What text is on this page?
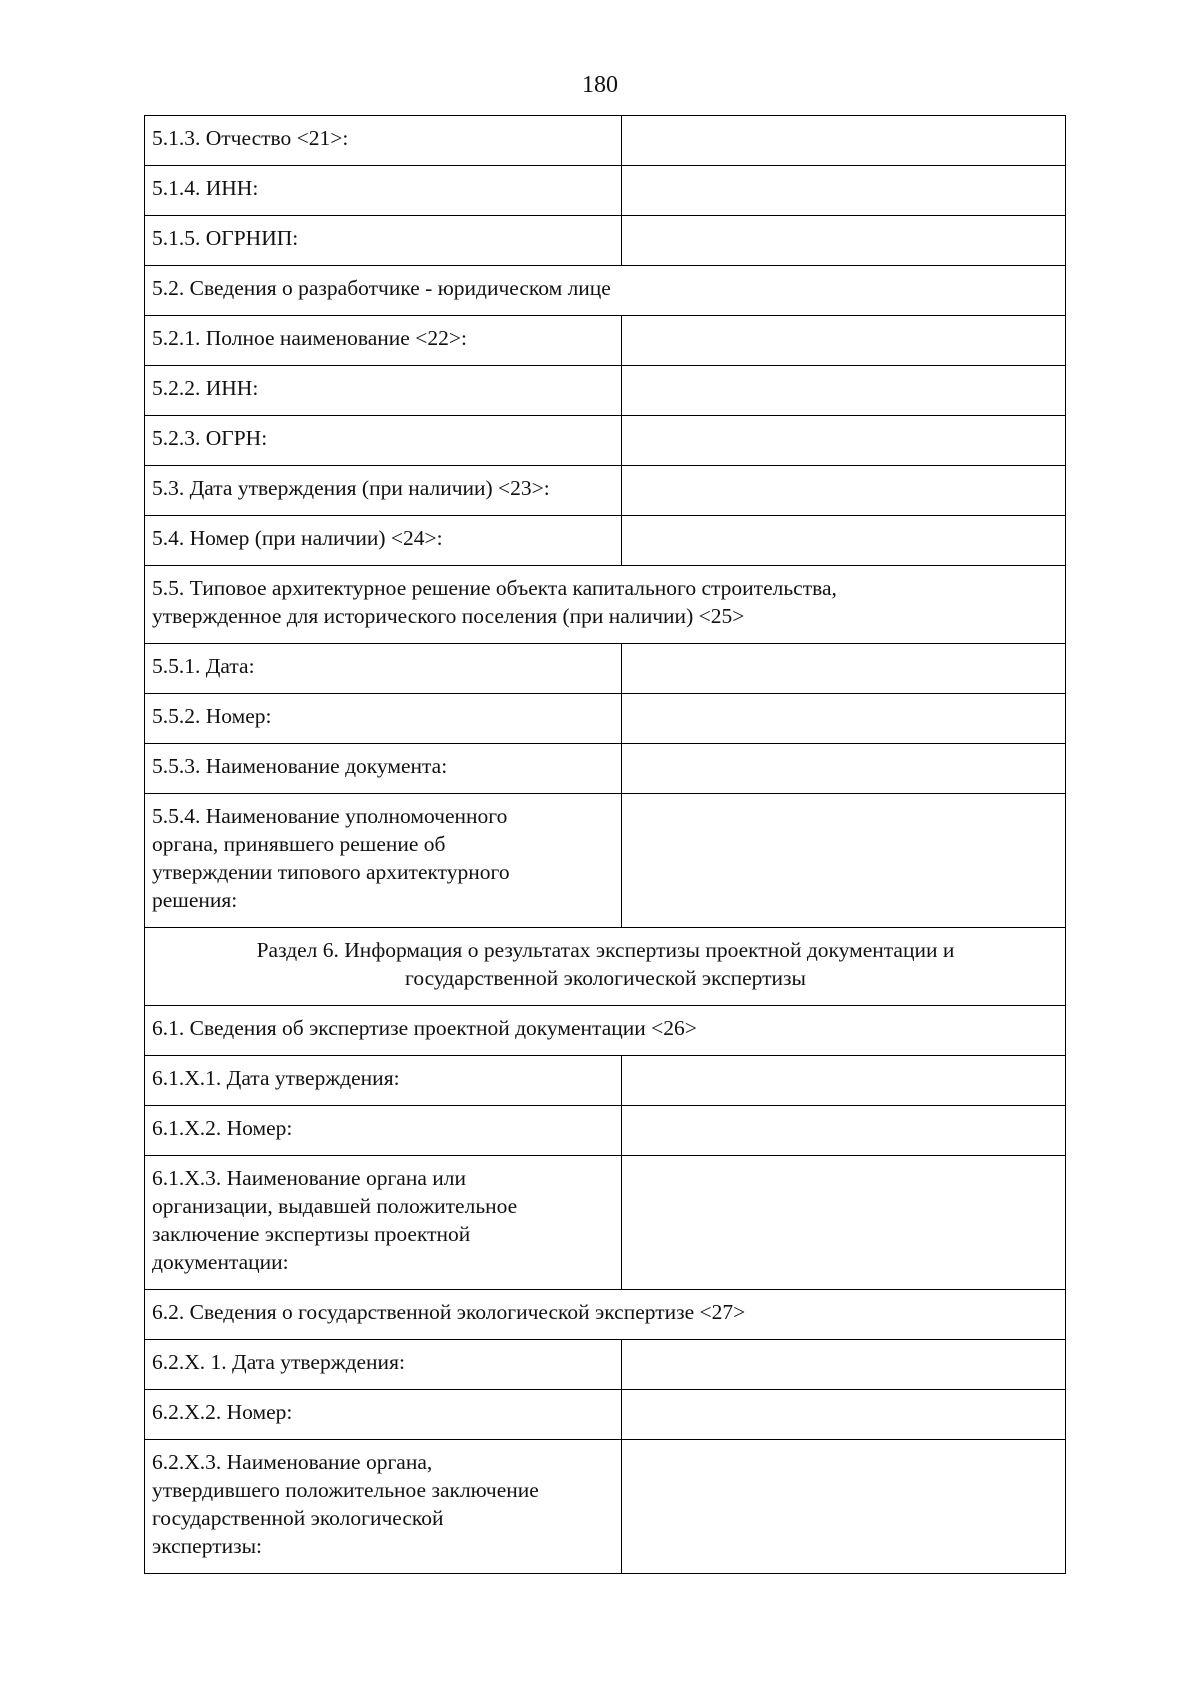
180
5.1.3. Отчество <21>:	
5.1.4. ИНН:	
5.1.5. ОГРНИП:	
5.2. Сведения о разработчике - юридическом лице	
5.2.1. Полное наименование <22>:	
5.2.2. ИНН:	
5.2.3. ОГРН:	
5.3. Дата утверждения (при наличии) <23>:	
5.4. Номер (при наличии) <24>:	
5.5. Типовое архитектурное решение объекта капитального строительства,
утвержденное для исторического поселения (при наличии) <25>	
5.5.1. Дата:	
5.5.2. Номер:	
5.5.3. Наименование документа:	
5.5.4. Наименование уполномоченного
органа, принявшего решение об
утверждении типового архитектурного
решения:	
Раздел 6. Информация о результатах экспертизы проектной документации и
государственной экологической экспертизы	
6.1. Сведения об экспертизе проектной документации <26>	
6.1.X.1. Дата утверждения:	
6.1.X.2. Номер:	
6.1.X.3. Наименование органа или
организации, выдавшей положительное
заключение экспертизы проектной
документации:	
6.2. Сведения о государственной экологической экспертизе <27>	
6.2.X. 1. Дата утверждения:	
6.2.X.2. Номер:	
6.2.X.3. Наименование органа,
утвердившего положительное заключение
государственной экологической
экспертизы:	
